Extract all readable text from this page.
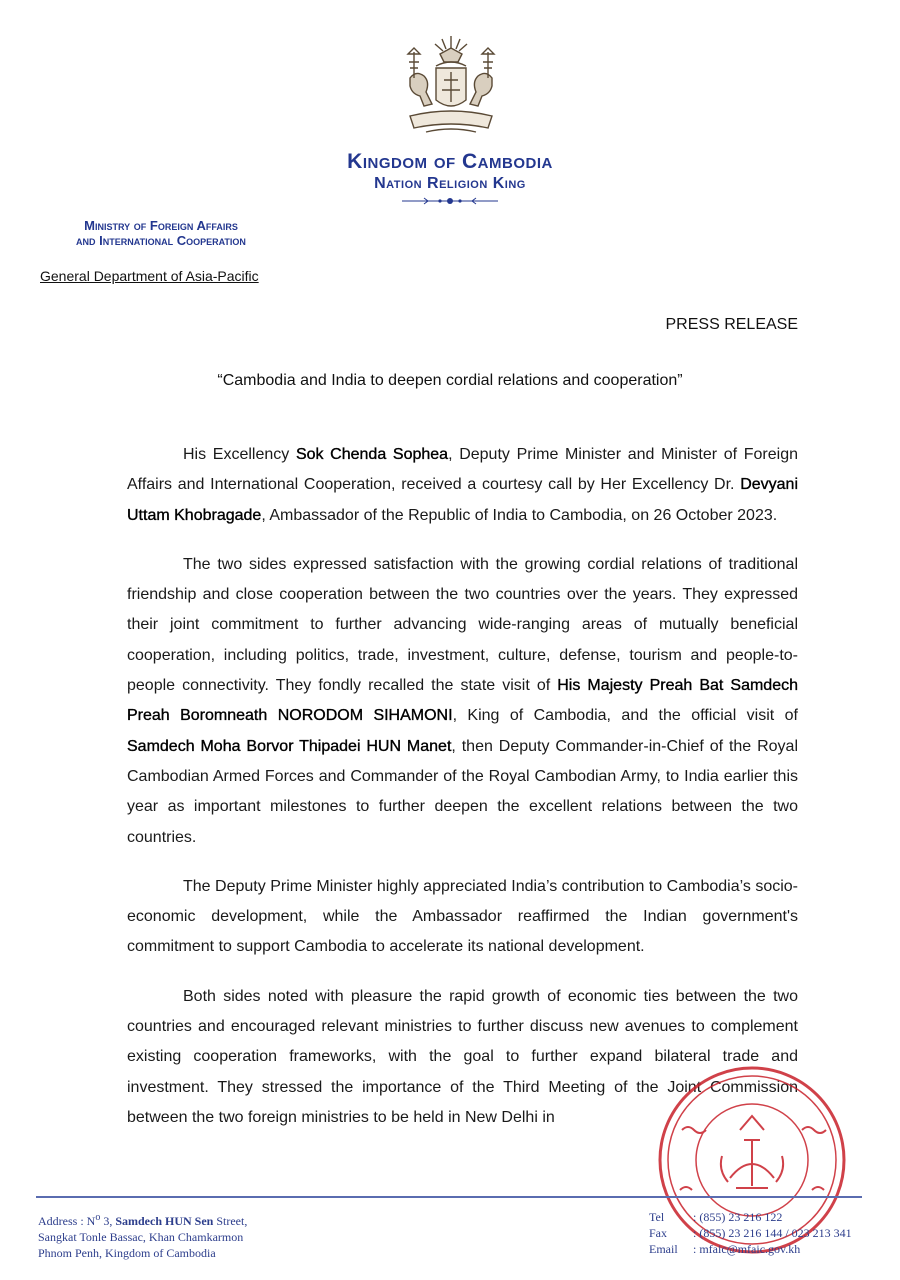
Kingdom of Cambodia
Nation Religion King
Ministry of Foreign Affairs
and International Cooperation
General Department of Asia-Pacific
PRESS RELEASE
“Cambodia and India to deepen cordial relations and cooperation”

His Excellency Sok Chenda Sophea, Deputy Prime Minister and Minister of Foreign Affairs and International Cooperation, received a courtesy call by Her Excellency Dr. Devyani Uttam Khobragade, Ambassador of the Republic of India to Cambodia, on 26 October 2023.

The two sides expressed satisfaction with the growing cordial relations of traditional friendship and close cooperation between the two countries over the years. They expressed their joint commitment to further advancing wide-ranging areas of mutually beneficial cooperation, including politics, trade, investment, culture, defense, tourism and people-to-people connectivity. They fondly recalled the state visit of His Majesty Preah Bat Samdech Preah Boromneath NORODOM SIHAMONI, King of Cambodia, and the official visit of Samdech Moha Borvor Thipadei HUN Manet, then Deputy Commander-in-Chief of the Royal Cambodian Armed Forces and Commander of the Royal Cambodian Army, to India earlier this year as important milestones to further deepen the excellent relations between the two countries.

The Deputy Prime Minister highly appreciated India’s contribution to Cambodia’s socio-economic development, while the Ambassador reaffirmed the Indian government's commitment to support Cambodia to accelerate its national development.

Both sides noted with pleasure the rapid growth of economic ties between the two countries and encouraged relevant ministries to further discuss new avenues to complement existing cooperation frameworks, with the goal to further expand bilateral trade and investment. They stressed the importance of the Third Meeting of the Joint Commission between the two foreign ministries to be held in New Delhi in

Address : $N^o$ 3, Samdech HUN Sen Street,
Sangkat Tonle Bassac, Khan Chamkarmon
Phnom Penh, Kingdom of Cambodia
Tel : (855) 23 216 122
Fax : (855) 23 216 144 / 023 213 341
Email : mfaic@mfaic.gov.kh
